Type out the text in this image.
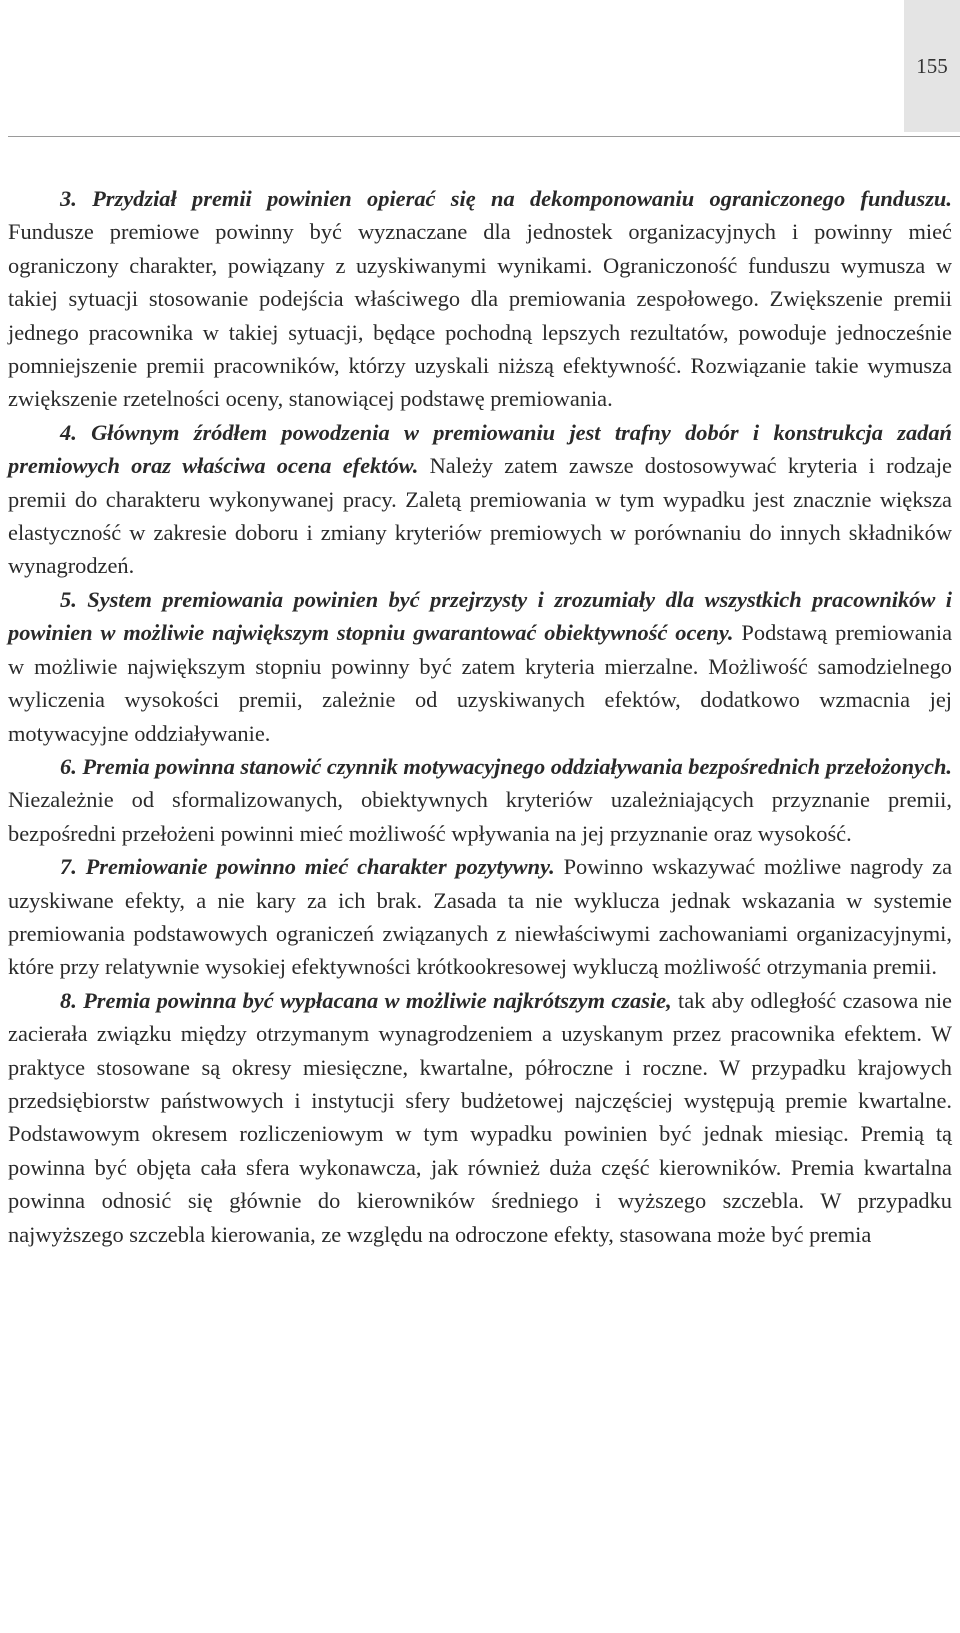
155

3. Przydział premii powinien opierać się na dekomponowaniu ograniczonego funduszu. Fundusze premiowe powinny być wyznaczane dla jednostek organizacyjnych i powinny mieć ograniczony charakter, powiązany z uzyskiwanymi wynikami. Ograniczoność funduszu wymusza w takiej sytuacji stosowanie podejścia właściwego dla premiowania zespołowego. Zwiększenie premii jednego pracownika w takiej sytuacji, będące pochodną lepszych rezultatów, powoduje jednocześnie pomniejszenie premii pracowników, którzy uzyskali niższą efektywność. Rozwiązanie takie wymusza zwiększenie rzetelności oceny, stanowiącej podstawę premiowania.

4. Głównym źródłem powodzenia w premiowaniu jest trafny dobór i konstrukcja zadań premiowych oraz właściwa ocena efektów. Należy zatem zawsze dostosowywać kryteria i rodzaje premii do charakteru wykonywanej pracy. Zaletą premiowania w tym wypadku jest znacznie większa elastyczność w zakresie doboru i zmiany kryteriów premiowych w porównaniu do innych składników wynagrodzeń.

5. System premiowania powinien być przejrzysty i zrozumiały dla wszystkich pracowników i powinien w możliwie największym stopniu gwarantować obiektywność oceny. Podstawą premiowania w możliwie największym stopniu powinny być zatem kryteria mierzalne. Możliwość samodzielnego wyliczenia wysokości premii, zależnie od uzyskiwanych efektów, dodatkowo wzmacnia jej motywacyjne oddziaływanie.

6. Premia powinna stanowić czynnik motywacyjnego oddziaływania bezpośrednich przełożonych. Niezależnie od sformalizowanych, obiektywnych kryteriów uzależniających przyznanie premii, bezpośredni przełożeni powinni mieć możliwość wpływania na jej przyznanie oraz wysokość.

7. Premiowanie powinno mieć charakter pozytywny. Powinno wskazywać możliwe nagrody za uzyskiwane efekty, a nie kary za ich brak. Zasada ta nie wyklucza jednak wskazania w systemie premiowania podstawowych ograniczeń związanych z niewłaściwymi zachowaniami organizacyjnymi, które przy relatywnie wysokiej efektywności krótkookresowej wykluczą możliwość otrzymania premii.

8. Premia powinna być wypłacana w możliwie najkrótszym czasie, tak aby odległość czasowa nie zacierała związku między otrzymanym wynagrodzeniem a uzyskanym przez pracownika efektem. W praktyce stosowane są okresy miesięczne, kwartalne, półroczne i roczne. W przypadku krajowych przedsiębiorstw państwowych i instytucji sfery budżetowej najczęściej występują premie kwartalne. Podstawowym okresem rozliczeniowym w tym wypadku powinien być jednak miesiąc. Premią tą powinna być objęta cała sfera wykonawcza, jak również duża część kierowników. Premia kwartalna powinna odnosić się głównie do kierowników średniego i wyższego szczebla. W przypadku najwyższego szczebla kierowania, ze względu na odroczone efekty, stasowana może być premia
